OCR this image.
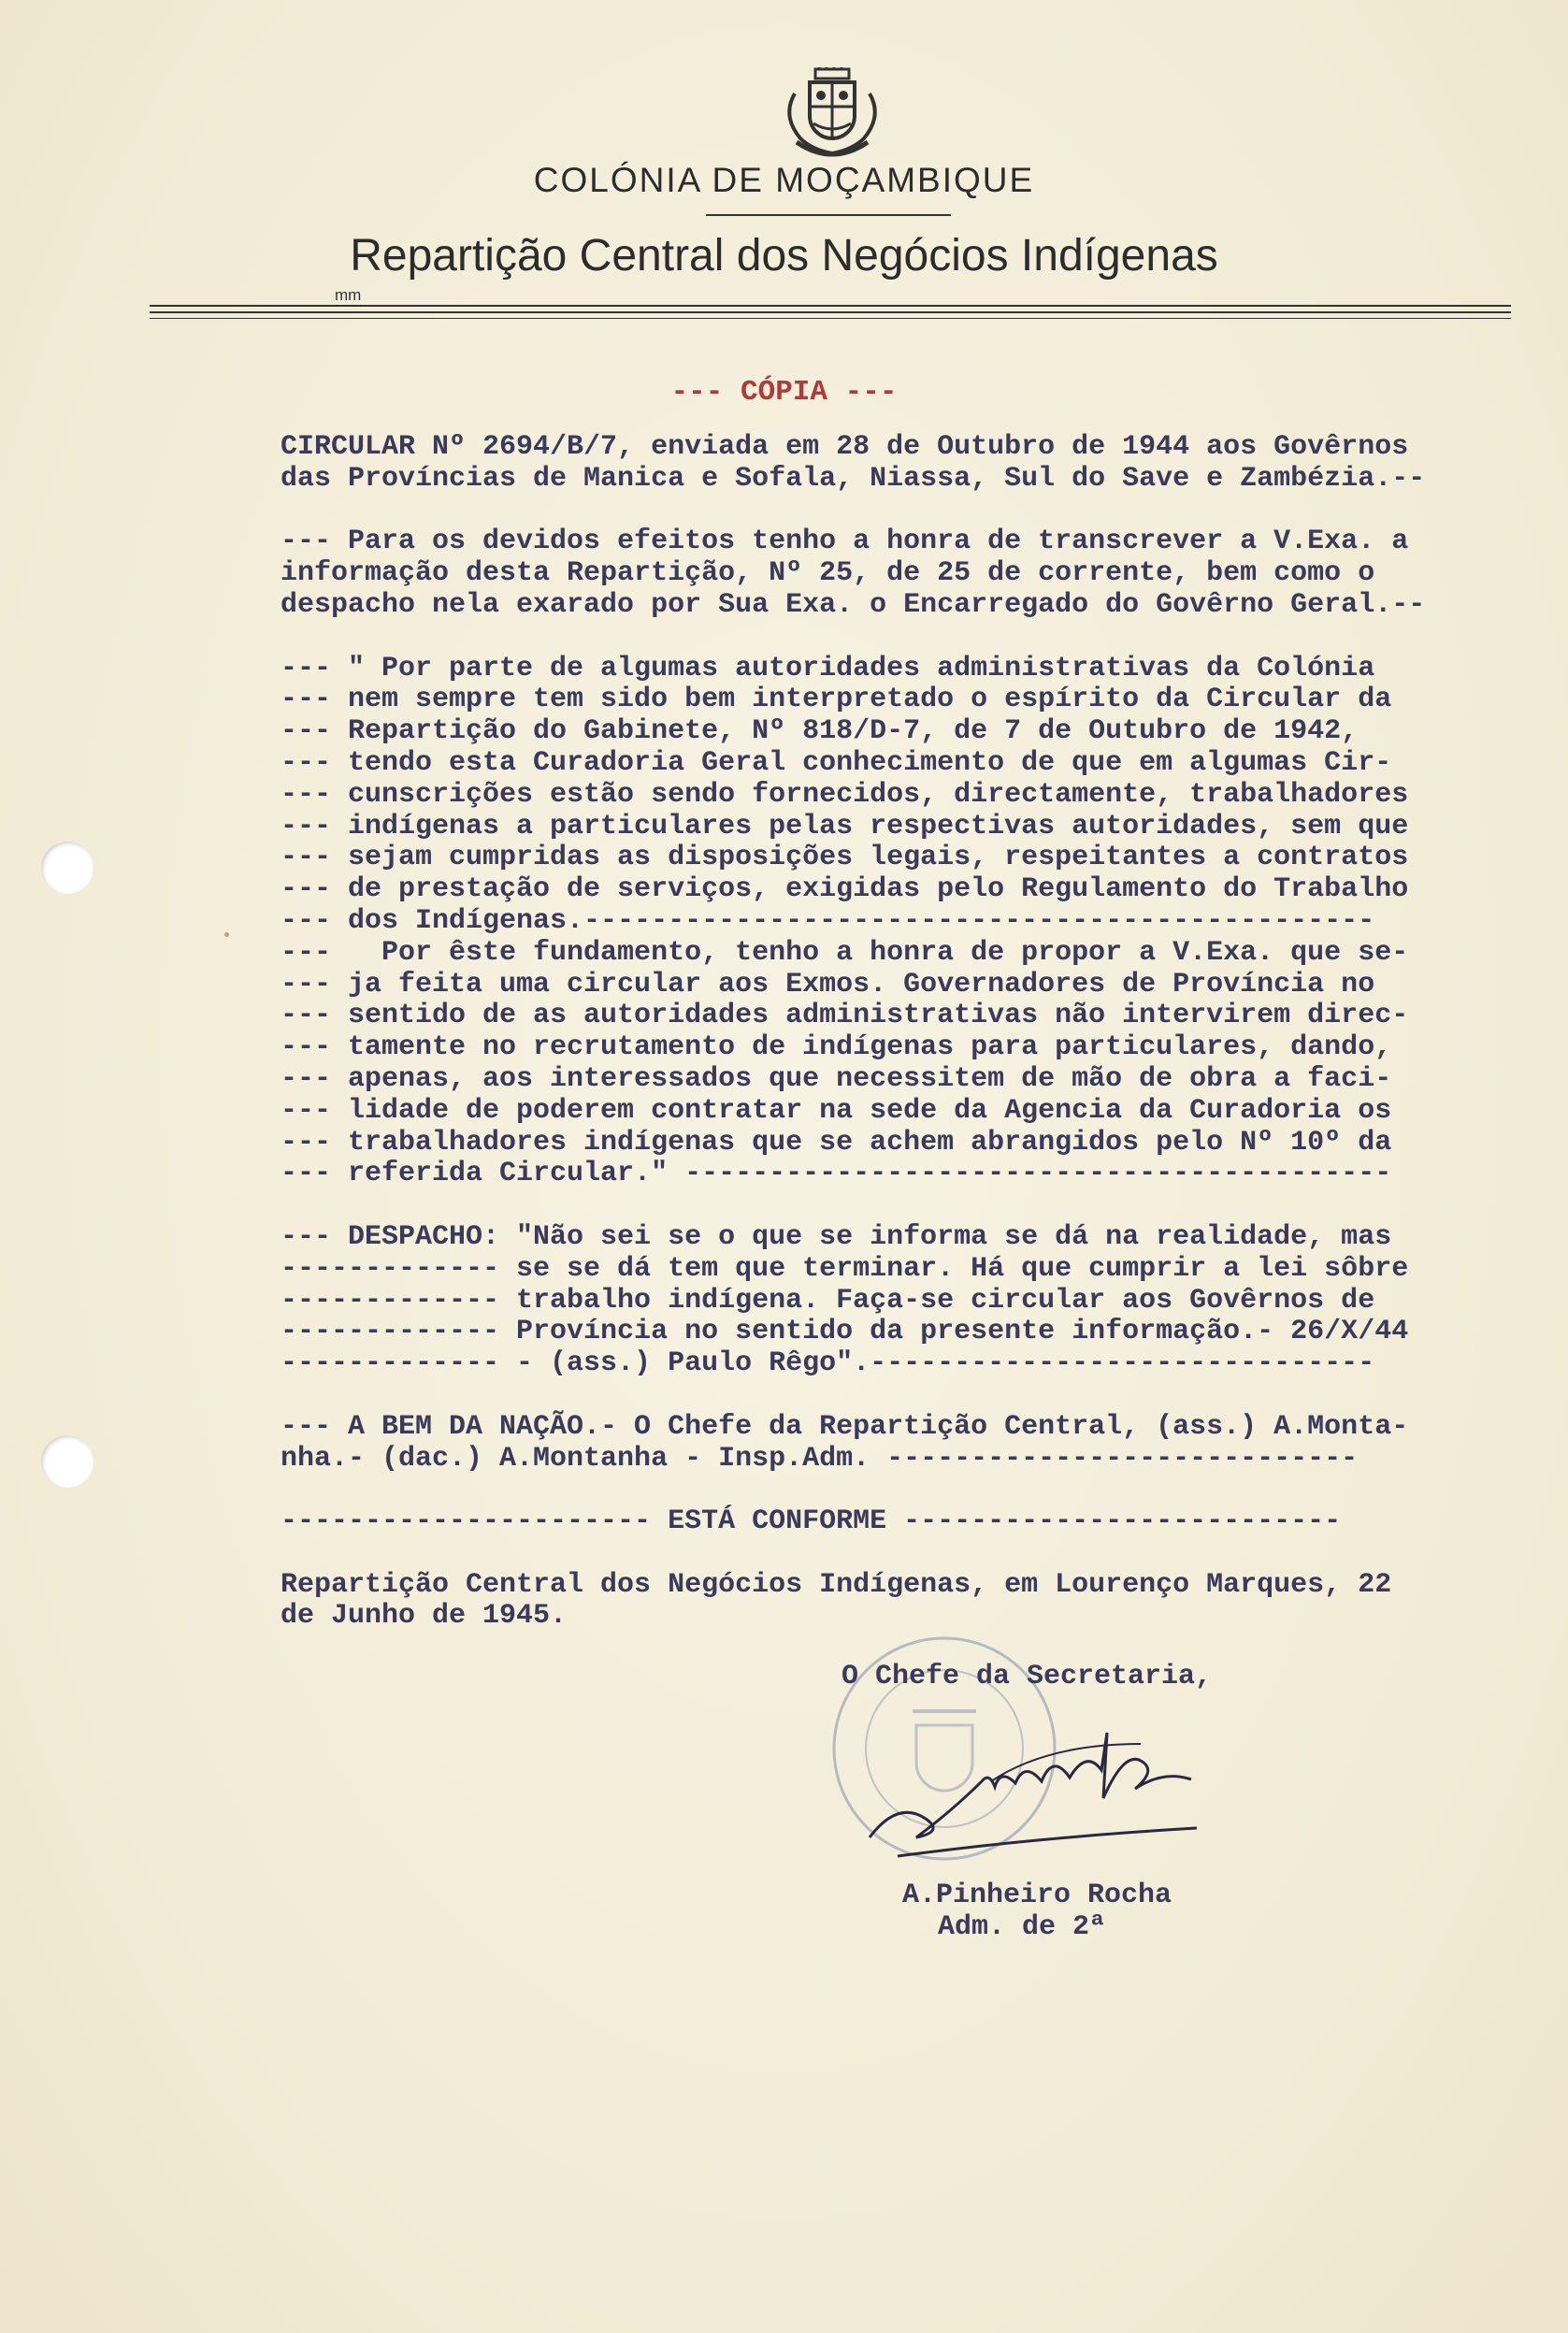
COLÓNIA DE MOÇAMBIQUE
Repartição Central dos Negócios Indígenas
mm
--- CÓPIA ---
CIRCULAR Nº 2694/B/7, enviada em 28 de Outubro de 1944 aos Govêrnos
das Províncias de Manica e Sofala, Niassa, Sul do Save e Zambézia.--
--- Para os devidos efeitos tenho a honra de transcrever a V.Exa. a
informação desta Repartição, Nº 25, de 25 de corrente, bem como o
despacho nela exarado por Sua Exa. o Encarregado do Govêrno Geral.--
--- " Por parte de algumas autoridades administrativas da Colónia
--- nem sempre tem sido bem interpretado o espírito da Circular da
--- Repartição do Gabinete, Nº 818/D-7, de 7 de Outubro de 1942,
--- tendo esta Curadoria Geral conhecimento de que em algumas Cir-
--- cunscrições estão sendo fornecidos, directamente, trabalhadores
--- indígenas a particulares pelas respectivas autoridades, sem que
--- sejam cumpridas as disposições legais, respeitantes a contratos
--- de prestação de serviços, exigidas pelo Regulamento do Trabalho
--- dos Indígenas.-----------------------------------------------
---   Por êste fundamento, tenho a honra de propor a V.Exa. que se-
--- ja feita uma circular aos Exmos. Governadores de Província no
--- sentido de as autoridades administrativas não intervirem direc-
--- tamente no recrutamento de indígenas para particulares, dando,
--- apenas, aos interessados que necessitem de mão de obra a faci-
--- lidade de poderem contratar na sede da Agencia da Curadoria os
--- trabalhadores indígenas que se achem abrangidos pelo Nº 10º da
--- referida Circular." ------------------------------------------
--- DESPACHO: "Não sei se o que se informa se dá na realidade, mas
------------- se se dá tem que terminar. Há que cumprir a lei sôbre
------------- trabalho indígena. Faça-se circular aos Govêrnos de
------------- Província no sentido da presente informação.- 26/X/44
------------- - (ass.) Paulo Rêgo".------------------------------
--- A BEM DA NAÇÃO.- O Chefe da Repartição Central, (ass.) A.Monta-
nha.- (dac.) A.Montanha - Insp.Adm. ----------------------------
---------------------- ESTÁ CONFORME --------------------------
Repartição Central dos Negócios Indígenas, em Lourenço Marques, 22
de Junho de 1945.
O Chefe da Secretaria,
A.Pinheiro Rocha
Adm. de 2ª
